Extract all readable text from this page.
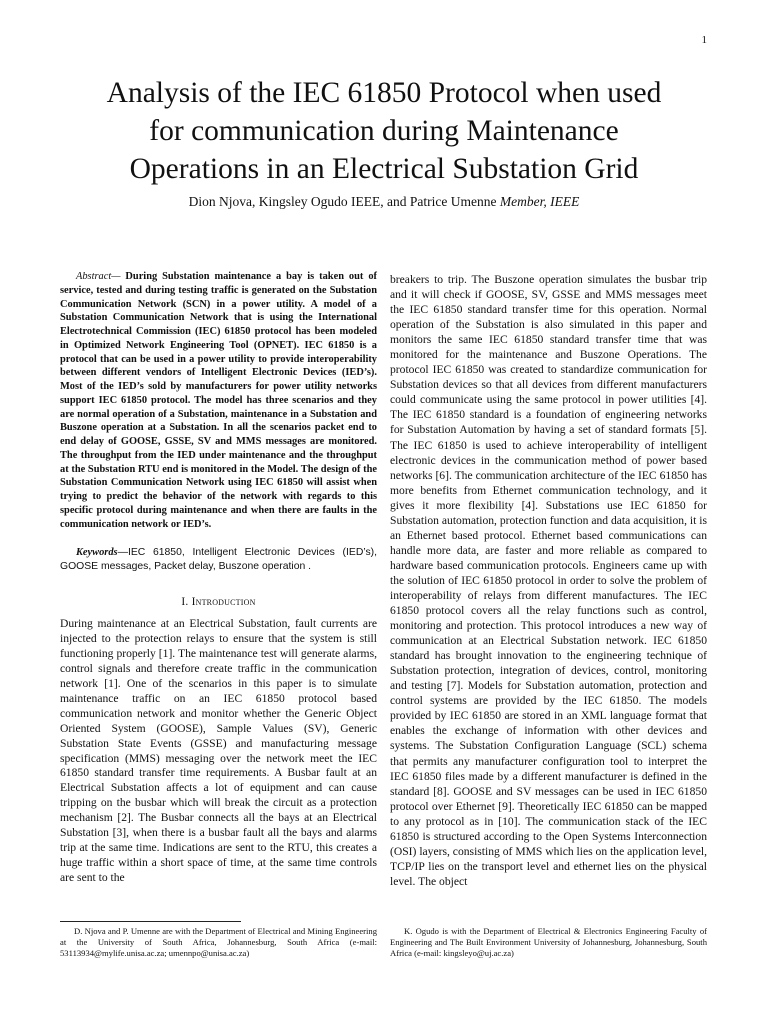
1
Analysis of the IEC 61850 Protocol when used
for communication during Maintenance
Operations in an Electrical Substation Grid
Dion Njova, Kingsley Ogudo IEEE, and Patrice Umenne Member, IEEE

Abstract— During Substation maintenance a bay is taken out of service, tested and during testing traffic is generated on the Substation Communication Network (SCN) in a power utility. A model of a Substation Communication Network that is using the International Electrotechnical Commission (IEC) 61850 protocol has been modeled in Optimized Network Engineering Tool (OPNET). IEC 61850 is a protocol that can be used in a power utility to provide interoperability between different vendors of Intelligent Electronic Devices (IED’s). Most of the IED’s sold by manufacturers for power utility networks support IEC 61850 protocol. The model has three scenarios and they are normal operation of a Substation, maintenance in a Substation and Buszone operation at a Substation. In all the scenarios packet end to end delay of GOOSE, GSSE, SV and MMS messages are monitored. The throughput from the IED under maintenance and the throughput at the Substation RTU end is monitored in the Model. The design of the Substation Communication Network using IEC 61850 will assist when trying to predict the behavior of the network with regards to this specific protocol during maintenance and when there are faults in the communication network or IED’s.

Keywords—IEC 61850, Intelligent Electronic Devices (IED’s), GOOSE messages, Packet delay, Buszone operation .

I. Introduction

During maintenance at an Electrical Substation, fault currents are injected to the protection relays to ensure that the system is still functioning properly [1]. The maintenance test will generate alarms, control signals and therefore create traffic in the communication network [1]. One of the scenarios in this paper is to simulate maintenance traffic on an IEC 61850 protocol based communication network and monitor whether the Generic Object Oriented System (GOOSE), Sample Values (SV), Generic Substation State Events (GSSE) and manufacturing message specification (MMS) messaging over the network meet the IEC 61850 standard transfer time requirements. A Busbar fault at an Electrical Substation affects a lot of equipment and can cause tripping on the busbar which will break the circuit as a protection mechanism [2]. The Busbar connects all the bays at an Electrical Substation [3], when there is a busbar fault all the bays and alarms trip at the same time. Indications are sent to the RTU, this creates a huge traffic within a short space of time, at the same time controls are sent to the

breakers to trip. The Buszone operation simulates the busbar trip and it will check if GOOSE, SV, GSSE and MMS messages meet the IEC 61850 standard transfer time for this operation. Normal operation of the Substation is also simulated in this paper and monitors the same IEC 61850 standard transfer time that was monitored for the maintenance and Buszone Operations. The protocol IEC 61850 was created to standardize communication for Substation devices so that all devices from different manufacturers could communicate using the same protocol in power utilities [4]. The IEC 61850 standard is a foundation of engineering networks for Substation Automation by having a set of standard formats [5]. The IEC 61850 is used to achieve interoperability of intelligent electronic devices in the communication method of power based networks [6]. The communication architecture of the IEC 61850 has more benefits from Ethernet communication technology, and it gives it more flexibility [4]. Substations use IEC 61850 for Substation automation, protection function and data acquisition, it is an Ethernet based protocol. Ethernet based communications can handle more data, are faster and more reliable as compared to hardware based communication protocols. Engineers came up with the solution of IEC 61850 protocol in order to solve the problem of interoperability of relays from different manufactures. The IEC 61850 protocol covers all the relay functions such as control, monitoring and protection. This protocol introduces a new way of communication at an Electrical Substation network. IEC 61850 standard has brought innovation to the engineering technique of Substation protection, integration of devices, control, monitoring and testing [7]. Models for Substation automation, protection and control systems are provided by the IEC 61850. The models provided by IEC 61850 are stored in an XML language format that enables the exchange of information with other devices and systems. The Substation Configuration Language (SCL) schema that permits any manufacturer configuration tool to interpret the IEC 61850 files made by a different manufacturer is defined in the standard [8]. GOOSE and SV messages can be used in IEC 61850 protocol over Ethernet [9]. Theoretically IEC 61850 can be mapped to any protocol as in [10]. The communication stack of the IEC 61850 is structured according to the Open Systems Interconnection (OSI) layers, consisting of MMS which lies on the application level, TCP/IP lies on the transport level and ethernet lies on the physical level. The object

D. Njova and P. Umenne are with the Department of Electrical and Mining Engineering at the University of South Africa, Johannesburg, South Africa (e-mail: 53113934@mylife.unisa.ac.za; umennpo@unisa.ac.za)
K. Ogudo is with the Department of Electrical & Electronics Engineering Faculty of Engineering and The Built Environment University of Johannesburg, Johannesburg, South Africa (e-mail: kingsleyo@uj.ac.za)
